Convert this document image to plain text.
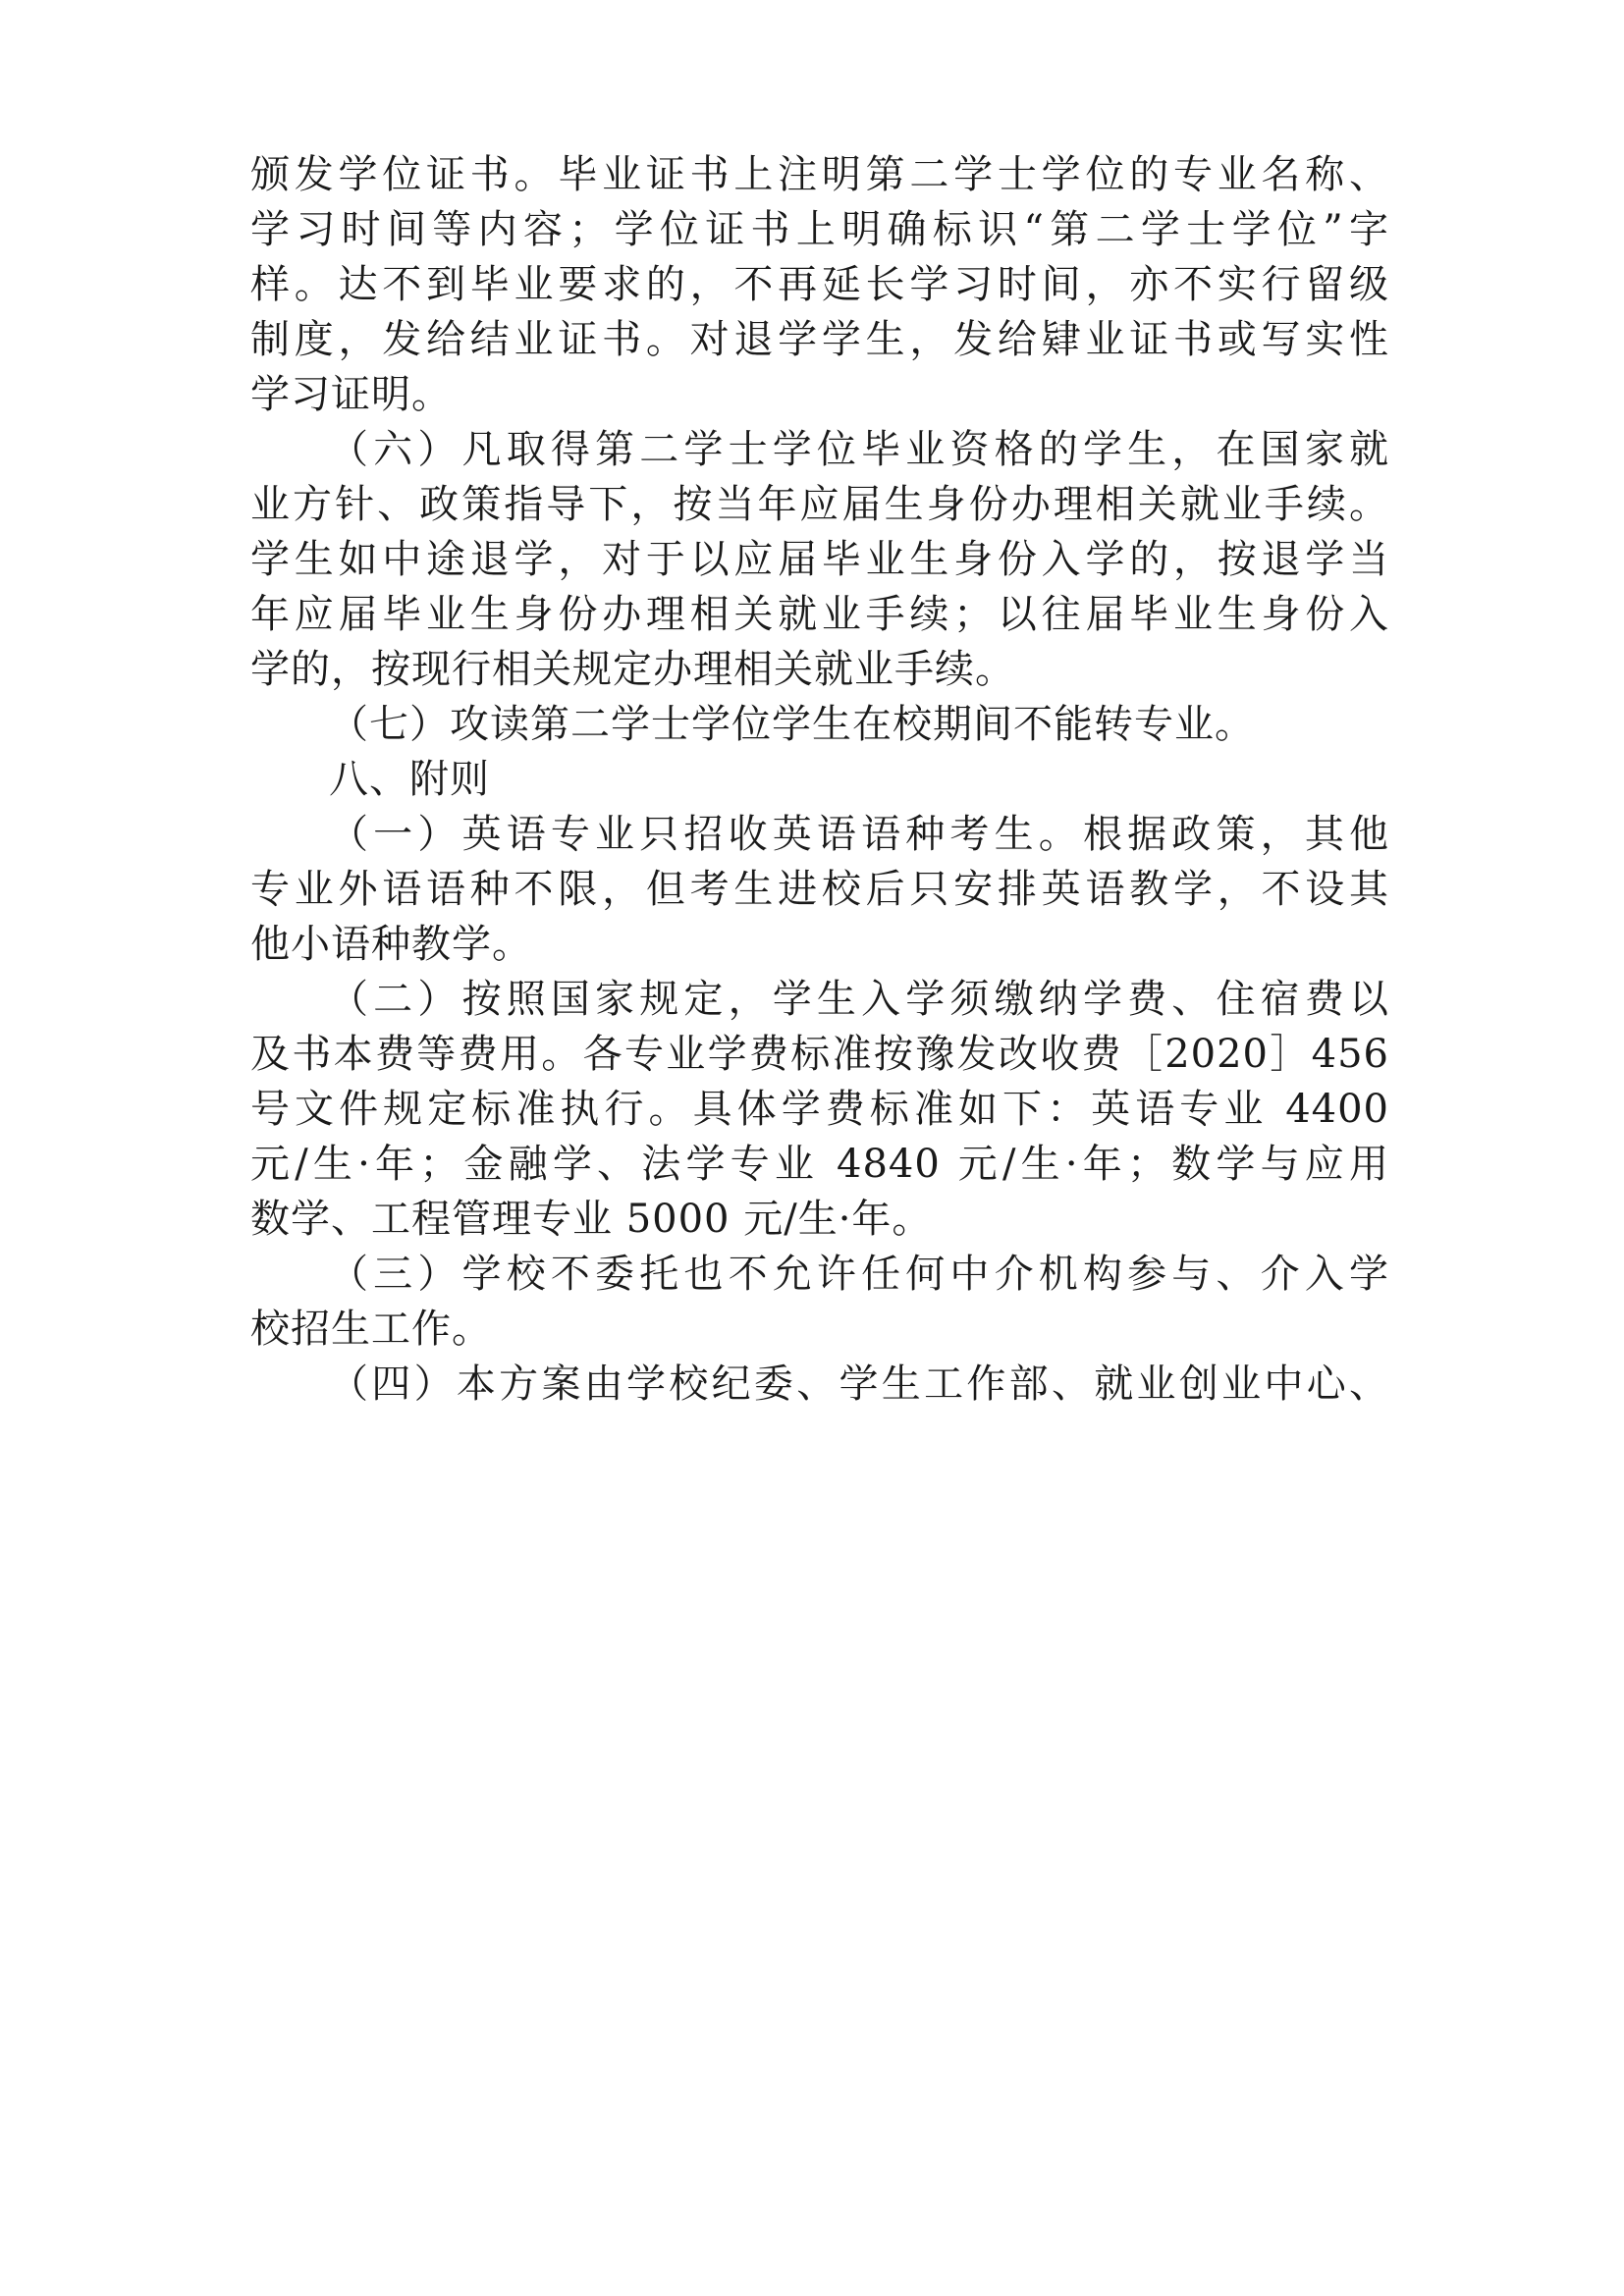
颁发学位证书。毕业证书上注明第二学士学位的专业名称、
学习时间等内容；学位证书上明确标识“第二学士学位”字
样。达不到毕业要求的，不再延长学习时间，亦不实行留级
制度，发给结业证书。对退学学生，发给肄业证书或写实性
学习证明。
（六）凡取得第二学士学位毕业资格的学生，在国家就
业方针、政策指导下，按当年应届生身份办理相关就业手续。
学生如中途退学，对于以应届毕业生身份入学的，按退学当
年应届毕业生身份办理相关就业手续；以往届毕业生身份入
学的，按现行相关规定办理相关就业手续。
（七）攻读第二学士学位学生在校期间不能转专业。
八、附则
（一）英语专业只招收英语语种考生。根据政策，其他
专业外语语种不限，但考生进校后只安排英语教学，不设其
他小语种教学。
（二）按照国家规定，学生入学须缴纳学费、住宿费以
及书本费等费用。各专业学费标准按豫发改收费［2020］456
号文件规定标准执行。具体学费标准如下：英语专业 4400
元/生·年；金融学、法学专业 4840 元/生·年；数学与应用
数学、工程管理专业 5000 元/生·年。
（三）学校不委托也不允许任何中介机构参与、介入学
校招生工作。
（四）本方案由学校纪委、学生工作部、就业创业中心、
